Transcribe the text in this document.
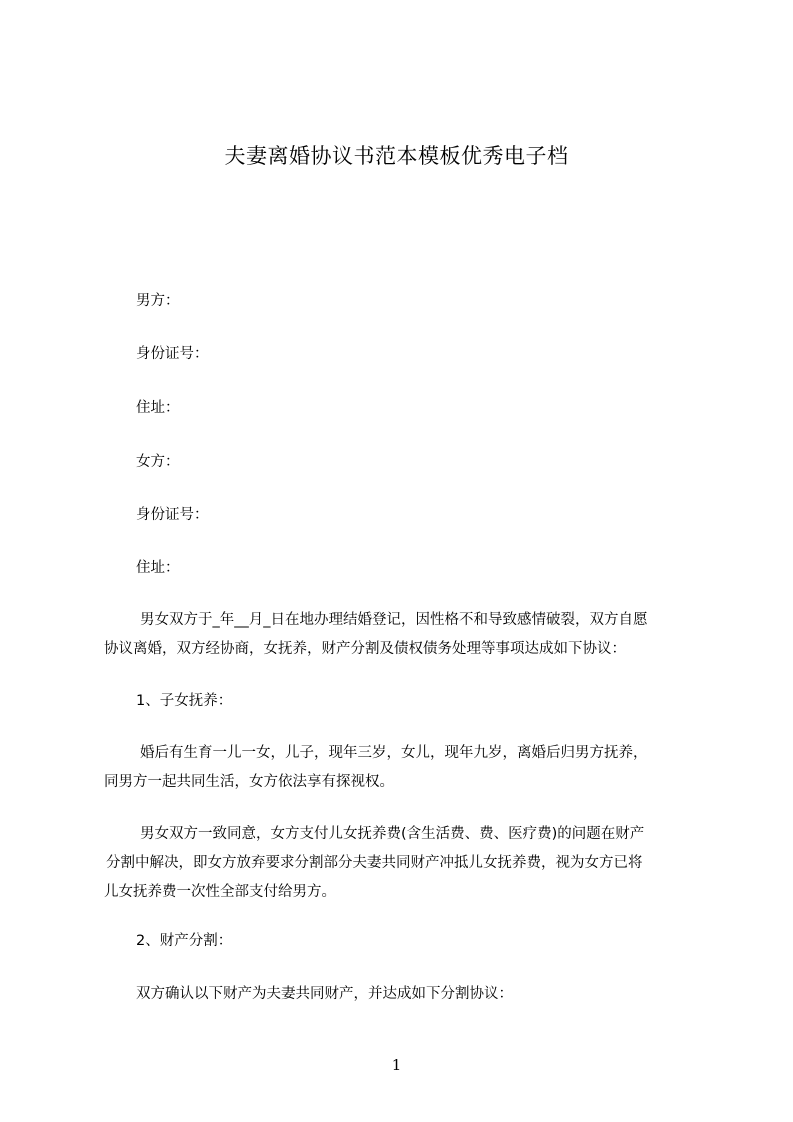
夫妻离婚协议书范本模板优秀电子档
男方：
身份证号：
住址：
女方：
身份证号：
住址：
男女双方于_年__月_日在地办理结婚登记，因性格不和导致感情破裂，双方自愿
协议离婚，双方经协商，女抚养，财产分割及债权债务处理等事项达成如下协议：
1、子女抚养：
婚后有生育一儿一女，儿子，现年三岁，女儿，现年九岁，离婚后归男方抚养，
同男方一起共同生活，女方依法享有探视权。
男女双方一致同意，女方支付儿女抚养费(含生活费、费、医疗费)的问题在财产
分割中解决，即女方放弃要求分割部分夫妻共同财产冲抵儿女抚养费，视为女方已将
儿女抚养费一次性全部支付给男方。
2、财产分割：
双方确认以下财产为夫妻共同财产，并达成如下分割协议：
1
